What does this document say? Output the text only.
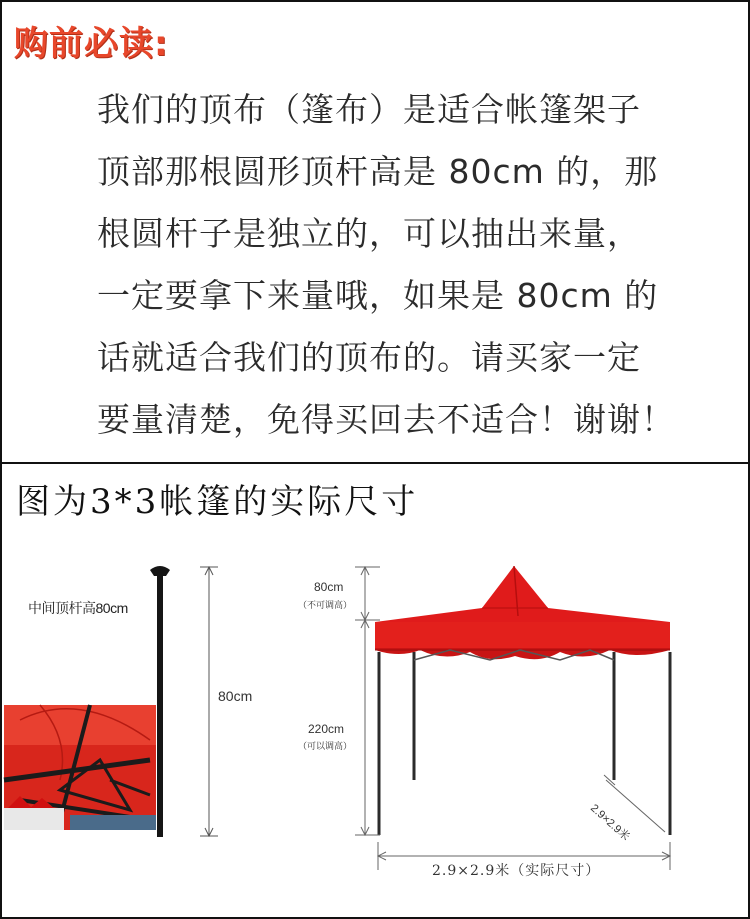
购前必读:
我们的顶布（篷布）是适合帐篷架子
顶部那根圆形顶杆高是 80cm 的，那
根圆杆子是独立的，可以抽出来量，
一定要拿下来量哦，如果是 80cm 的
话就适合我们的顶布的。请买家一定
要量清楚，免得买回去不适合！谢谢！
图为3*3帐篷的实际尺寸
中间顶杆高80cm
80cm
80cm
（不可调高）
220cm
（可以调高）
2.9×2.9米
2.9×2.9米（实际尺寸）
